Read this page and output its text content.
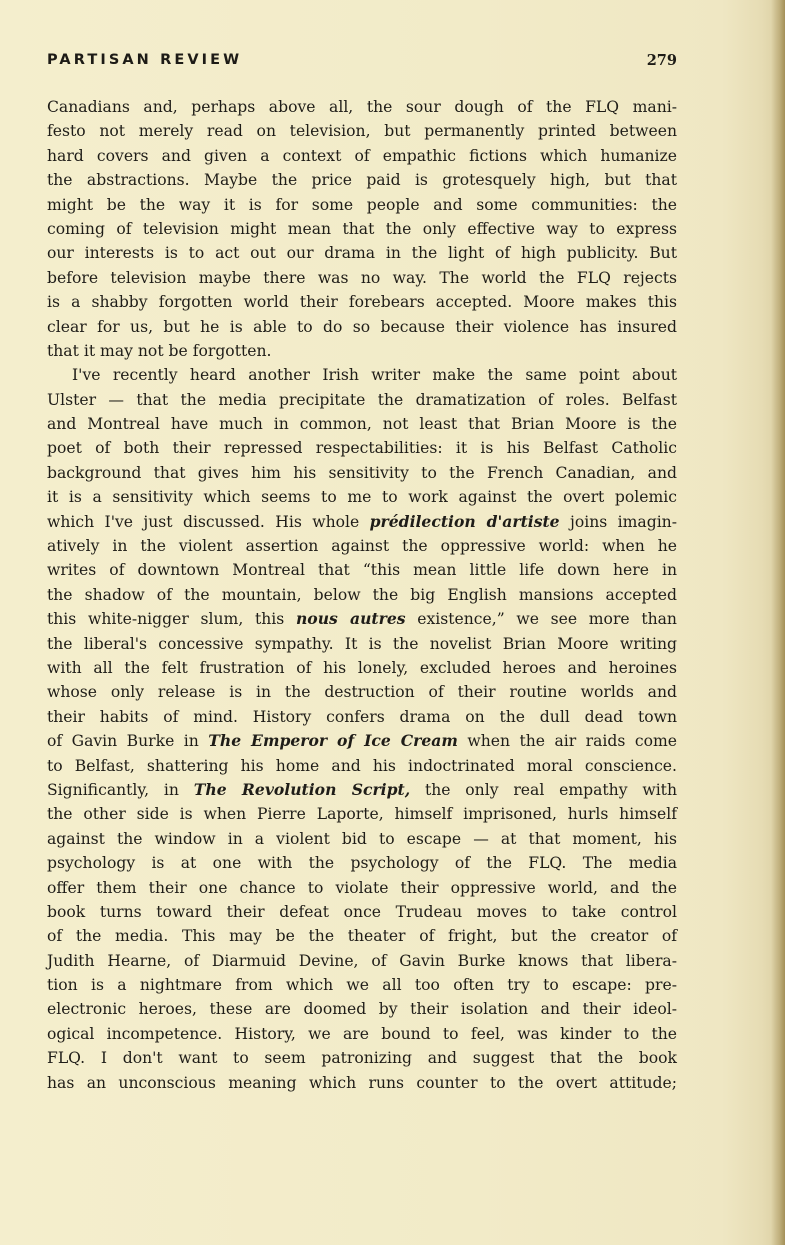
PARTISAN REVIEW	279
Canadians and, perhaps above all, the sour dough of the FLQ mani-
festo not merely read on television, but permanently printed between
hard covers and given a context of empathic fictions which humanize
the abstractions. Maybe the price paid is grotesquely high, but that
might be the way it is for some people and some communities: the
coming of television might mean that the only effective way to express
our interests is to act out our drama in the light of high publicity. But
before television maybe there was no way. The world the FLQ rejects
is a shabby forgotten world their forebears accepted. Moore makes this
clear for us, but he is able to do so because their violence has insured
that it may not be forgotten.
I've recently heard another Irish writer make the same point about
Ulster — that the media precipitate the dramatization of roles. Belfast
and Montreal have much in common, not least that Brian Moore is the
poet of both their repressed respectabilities: it is his Belfast Catholic
background that gives him his sensitivity to the French Canadian, and
it is a sensitivity which seems to me to work against the overt polemic
which I've just discussed. His whole prédilection d'artiste joins imagin-
atively in the violent assertion against the oppressive world: when he
writes of downtown Montreal that “this mean little life down here in
the shadow of the mountain, below the big English mansions accepted
this white-nigger slum, this nous autres existence,” we see more than
the liberal's concessive sympathy. It is the novelist Brian Moore writing
with all the felt frustration of his lonely, excluded heroes and heroines
whose only release is in the destruction of their routine worlds and
their habits of mind. History confers drama on the dull dead town
of Gavin Burke in The Emperor of Ice Cream when the air raids come
to Belfast, shattering his home and his indoctrinated moral conscience.
Significantly, in The Revolution Script, the only real empathy with
the other side is when Pierre Laporte, himself imprisoned, hurls himself
against the window in a violent bid to escape — at that moment, his
psychology is at one with the psychology of the FLQ. The media
offer them their one chance to violate their oppressive world, and the
book turns toward their defeat once Trudeau moves to take control
of the media. This may be the theater of fright, but the creator of
Judith Hearne, of Diarmuid Devine, of Gavin Burke knows that libera-
tion is a nightmare from which we all too often try to escape: pre-
electronic heroes, these are doomed by their isolation and their ideol-
ogical incompetence. History, we are bound to feel, was kinder to the
FLQ. I don't want to seem patronizing and suggest that the book
has an unconscious meaning which runs counter to the overt attitude;
